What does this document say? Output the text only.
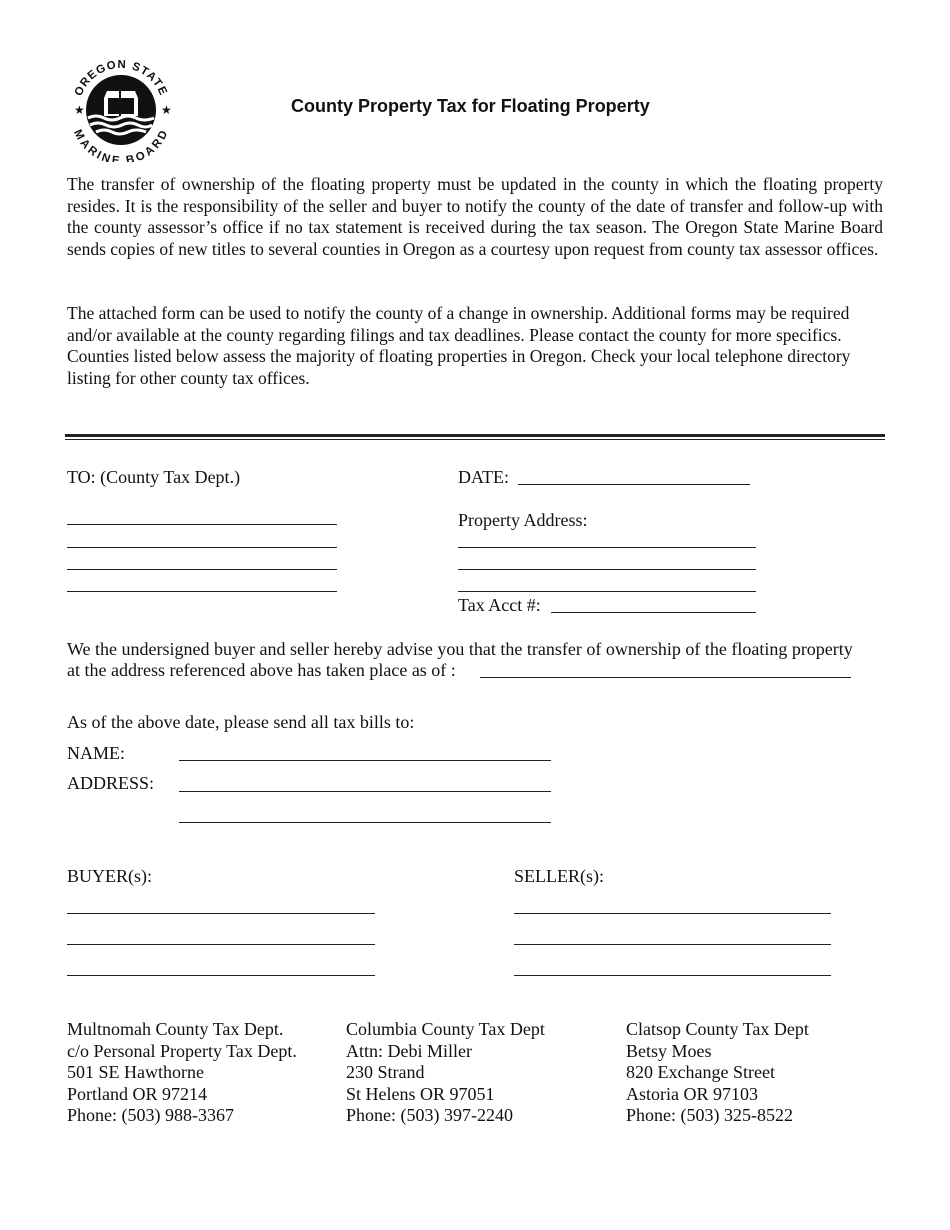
OREGON STATE
MARINE BOARD
★	★	County Property Tax for Floating Property
The transfer of ownership of the floating property must be updated in the county in which the floating property resides. It is the responsibility of the seller and buyer to notify the county of the date of transfer and follow-up with the county assessor’s office if no tax statement is received during the tax season. The Oregon State Marine Board sends copies of new titles to several counties in Oregon as a courtesy upon request from county tax assessor offices.
The attached form can be used to notify the county of a change in ownership. Additional forms may be required and/or available at the county regarding filings and tax deadlines. Please contact the county for more specifics. Counties listed below assess the majority of floating properties in Oregon. Check your local telephone directory listing for other county tax offices.
TO: (County Tax Dept.)	DATE:
Property Address:
Tax Acct #:
We the undersigned buyer and seller hereby advise you that the transfer of ownership of the floating property
at the address referenced above has taken place as of :
As of the above date, please send all tax bills to:
NAME:
ADDRESS:
BUYER(s):	SELLER(s):
Multnomah County Tax Dept.
c/o Personal Property Tax Dept.
501 SE Hawthorne
Portland OR 97214
Phone: (503) 988-3367
Columbia County Tax Dept
Attn: Debi Miller
230 Strand
St Helens OR 97051
Phone: (503) 397-2240
Clatsop County Tax Dept
Betsy Moes
820 Exchange Street
Astoria OR 97103
Phone: (503) 325-8522
